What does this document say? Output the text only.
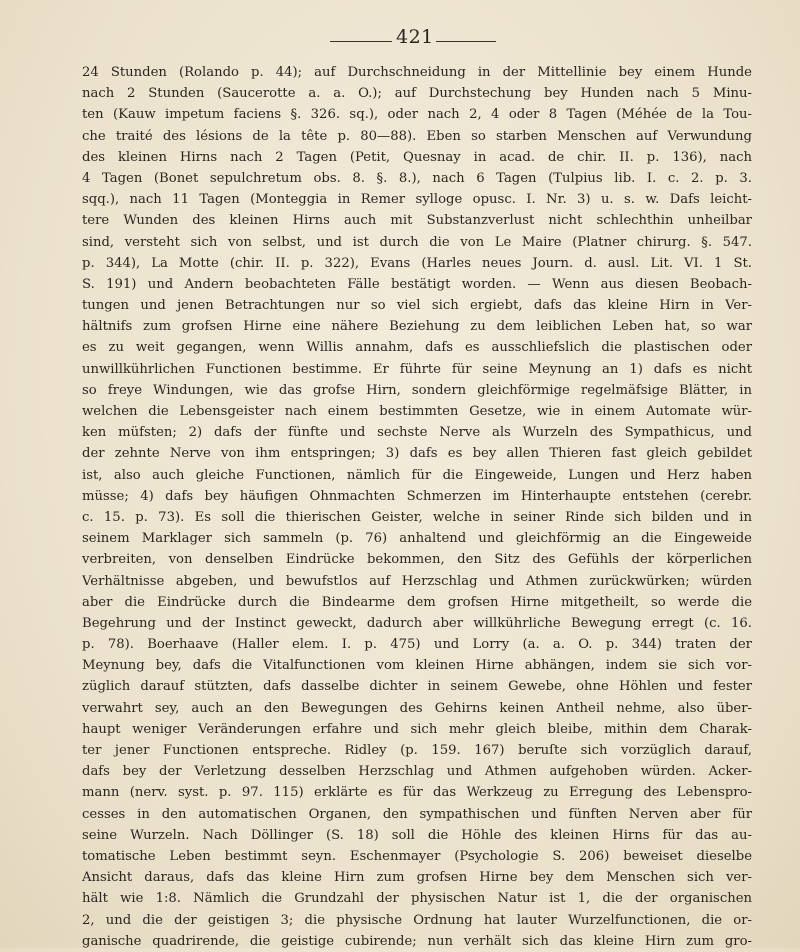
421
24 Stunden (Rolando p. 44); auf Durchschneidung in der Mittellinie bey einem Hunde
nach 2 Stunden (Saucerotte a. a. O.); auf Durchstechung bey Hunden nach 5 Minu-
ten (Kauw impetum faciens §. 326. sq.), oder nach 2, 4 oder 8 Tagen (Méhée de la Tou-
che traité des lésions de la tête p. 80—88). Eben so starben Menschen auf Verwundung
des kleinen Hirns nach 2 Tagen (Petit, Quesnay in acad. de chir. II. p. 136), nach
4 Tagen (Bonet sepulchretum obs. 8. §. 8.), nach 6 Tagen (Tulpius lib. I. c. 2. p. 3.
sqq.), nach 11 Tagen (Monteggia in Remer sylloge opusc. I. Nr. 3) u. s. w. Dafs leicht-
tere Wunden des kleinen Hirns auch mit Substanzverlust nicht schlechthin unheilbar
sind, versteht sich von selbst, und ist durch die von Le Maire (Platner chirurg. §. 547.
p. 344), La Motte (chir. II. p. 322), Evans (Harles neues Journ. d. ausl. Lit. VI. 1 St.
S. 191) und Andern beobachteten Fälle bestätigt worden. — Wenn aus diesen Beobach-
tungen und jenen Betrachtungen nur so viel sich ergiebt, dafs das kleine Hirn in Ver-
hältnifs zum grofsen Hirne eine nähere Beziehung zu dem leiblichen Leben hat, so war
es zu weit gegangen, wenn Willis annahm, dafs es ausschliefslich die plastischen oder
unwillkührlichen Functionen bestimme. Er führte für seine Meynung an 1) dafs es nicht
so freye Windungen, wie das grofse Hirn, sondern gleichförmige regelmäfsige Blätter, in
welchen die Lebensgeister nach einem bestimmten Gesetze, wie in einem Automate wür-
ken müfsten; 2) dafs der fünfte und sechste Nerve als Wurzeln des Sympathicus, und
der zehnte Nerve von ihm entspringen; 3) dafs es bey allen Thieren fast gleich gebildet
ist, also auch gleiche Functionen, nämlich für die Eingeweide, Lungen und Herz haben
müsse; 4) dafs bey häufigen Ohnmachten Schmerzen im Hinterhaupte entstehen (cerebr.
c. 15. p. 73). Es soll die thierischen Geister, welche in seiner Rinde sich bilden und in
seinem Marklager sich sammeln (p. 76) anhaltend und gleichförmig an die Eingeweide
verbreiten, von denselben Eindrücke bekommen, den Sitz des Gefühls der körperlichen
Verhältnisse abgeben, und bewufstlos auf Herzschlag und Athmen zurückwürken; würden
aber die Eindrücke durch die Bindearme dem grofsen Hirne mitgetheilt, so werde die
Begehrung und der Instinct geweckt, dadurch aber willkührliche Bewegung erregt (c. 16.
p. 78). Boerhaave (Haller elem. I. p. 475) und Lorry (a. a. O. p. 344) traten der
Meynung bey, dafs die Vitalfunctionen vom kleinen Hirne abhängen, indem sie sich vor-
züglich darauf stützten, dafs dasselbe dichter in seinem Gewebe, ohne Höhlen und fester
verwahrt sey, auch an den Bewegungen des Gehirns keinen Antheil nehme, also über-
haupt weniger Veränderungen erfahre und sich mehr gleich bleibe, mithin dem Charak-
ter jener Functionen entspreche. Ridley (p. 159. 167) beruſte sich vorzüglich darauf,
dafs bey der Verletzung desselben Herzschlag und Athmen aufgehoben würden. Acker-
mann (nerv. syst. p. 97. 115) erklärte es für das Werkzeug zu Erregung des Lebenspro-
cesses in den automatischen Organen, den sympathischen und fünften Nerven aber für
seine Wurzeln. Nach Döllinger (S. 18) soll die Höhle des kleinen Hirns für das au-
tomatische Leben bestimmt seyn. Eschenmayer (Psychologie S. 206) beweiset dieselbe
Ansicht daraus, dafs das kleine Hirn zum grofsen Hirne bey dem Menschen sich ver-
hält wie 1:8. Nämlich die Grundzahl der physischen Natur ist 1, die der organischen
2, und die der geistigen 3; die physische Ordnung hat lauter Wurzelfunctionen, die or-
ganische quadrirende, die geistige cubirende; nun verhält sich das kleine Hirn zum gro-
